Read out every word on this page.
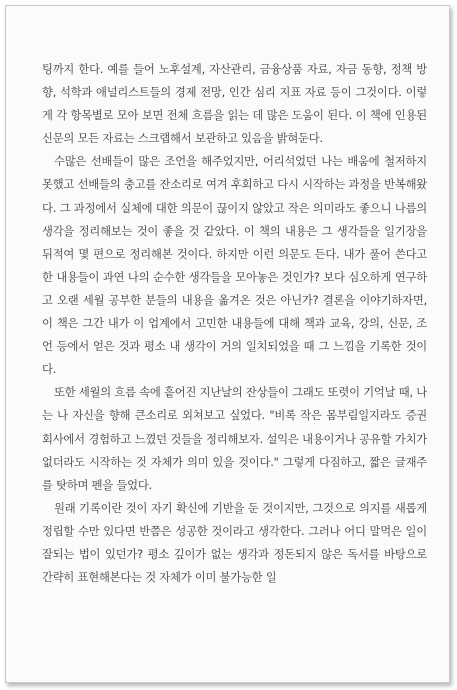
팅까지 한다. 예를 들어 노후설계, 자산관리, 금융상품 자료, 자금 동향, 정책 방향, 석학과 애널리스트들의 경제 전망, 인간 심리 지표 자료 등이 그것이다. 이렇게 각 항목별로 모아 보면 전체 흐름을 읽는 데 많은 도움이 된다. 이 책에 인용된 신문의 모든 자료는 스크랩해서 보관하고 있음을 밝혀둔다.

수많은 선배들이 많은 조언을 해주었지만, 어리석었던 나는 배움에 철저하지 못했고 선배들의 충고를 잔소리로 여겨 후회하고 다시 시작하는 과정을 반복해왔다. 그 과정에서 실체에 대한 의문이 끊이지 않았고 작은 의미라도 좋으니 나름의 생각을 정리해보는 것이 좋을 것 같았다. 이 책의 내용은 그 생각들을 일기장을 뒤적여 몇 편으로 정리해본 것이다. 하지만 이런 의문도 든다. 내가 풀어 쓴다고 한 내용들이 과연 나의 순수한 생각들을 모아놓은 것인가? 보다 심오하게 연구하고 오랜 세월 공부한 분들의 내용을 옮겨온 것은 아닌가? 결론을 이야기하자면, 이 책은 그간 내가 이 업계에서 고민한 내용들에 대해 책과 교육, 강의, 신문, 조언 등에서 얻은 것과 평소 내 생각이 거의 일치되었을 때 그 느낌을 기록한 것이다.

또한 세월의 흐름 속에 흩어진 지난날의 잔상들이 그래도 또렷이 기억날 때, 나는 나 자신을 향해 큰소리로 외쳐보고 싶었다. "비록 작은 몸부림일지라도 증권회사에서 경험하고 느꼈던 것들을 정리해보자. 설익은 내용이거나 공유할 가치가 없더라도 시작하는 것 자체가 의미 있을 것이다." 그렇게 다짐하고, 짧은 글재주를 탓하며 펜을 들었다.

원래 기록이란 것이 자기 확신에 기반을 둔 것이지만, 그것으로 의지를 새롭게 정립할 수만 있다면 반쯤은 성공한 것이라고 생각한다. 그러나 어디 말먹은 일이 잘되는 법이 있던가? 평소 깊이가 없는 생각과 정돈되지 않은 독서를 바탕으로 간략히 표현해본다는 것 자체가 이미 불가능한 일
